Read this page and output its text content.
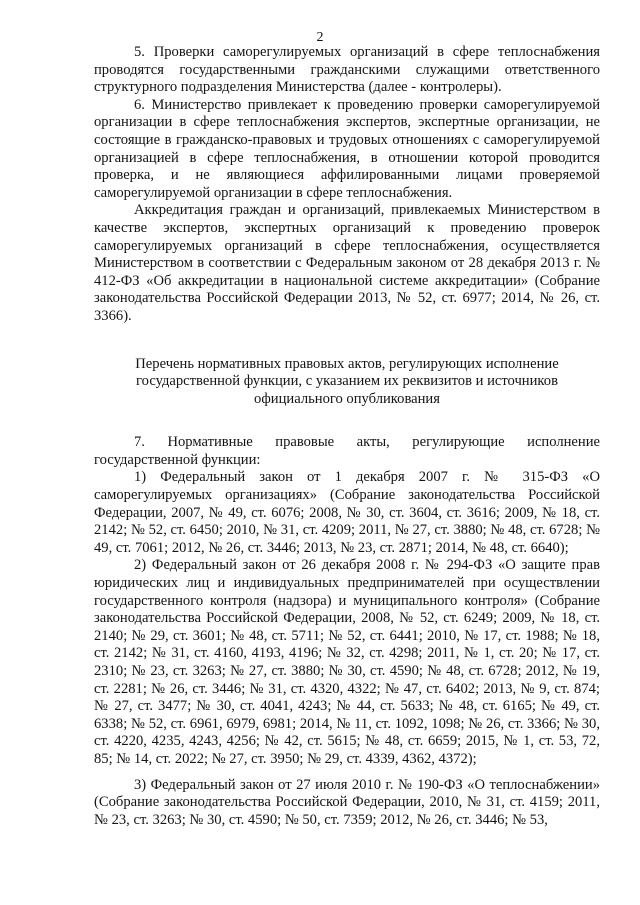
2

5. Проверки саморегулируемых организаций в сфере теплоснабжения проводятся государственными гражданскими служащими ответственного структурного подразделения Министерства (далее - контролеры).

6. Министерство привлекает к проведению проверки саморегулируемой организации в сфере теплоснабжения экспертов, экспертные организации, не состоящие в гражданско-правовых и трудовых отношениях с саморегулируемой организацией в сфере теплоснабжения, в отношении которой проводится проверка, и не являющиеся аффилированными лицами проверяемой саморегулируемой организации в сфере теплоснабжения.

Аккредитация граждан и организаций, привлекаемых Министерством в качестве экспертов, экспертных организаций к проведению проверок саморегулируемых организаций в сфере теплоснабжения, осуществляется Министерством в соответствии с Федеральным законом от 28 декабря 2013 г. № 412-ФЗ «Об аккредитации в национальной системе аккредитации» (Собрание законодательства Российской Федерации 2013, № 52, ст. 6977; 2014, № 26, ст. 3366).

Перечень нормативных правовых актов, регулирующих исполнение государственной функции, с указанием их реквизитов и источников официального опубликования

7. Нормативные правовые акты, регулирующие исполнение государственной функции:

1) Федеральный закон от 1 декабря 2007 г. № 315-ФЗ «О саморегулируемых организациях» (Собрание законодательства Российской Федерации, 2007, № 49, ст. 6076; 2008, № 30, ст. 3604, ст. 3616; 2009, № 18, ст. 2142; № 52, ст. 6450; 2010, № 31, ст. 4209; 2011, № 27, ст. 3880; № 48, ст. 6728; № 49, ст. 7061; 2012, № 26, ст. 3446; 2013, № 23, ст. 2871; 2014, № 48, ст. 6640);

2) Федеральный закон от 26 декабря 2008 г. № 294-ФЗ «О защите прав юридических лиц и индивидуальных предпринимателей при осуществлении государственного контроля (надзора) и муниципального контроля» (Собрание законодательства Российской Федерации, 2008, № 52, ст. 6249; 2009, № 18, ст. 2140; № 29, ст. 3601; № 48, ст. 5711; № 52, ст. 6441; 2010, № 17, ст. 1988; № 18, ст. 2142; № 31, ст. 4160, 4193, 4196; № 32, ст. 4298; 2011, № 1, ст. 20; № 17, ст. 2310; № 23, ст. 3263; № 27, ст. 3880; № 30, ст. 4590; № 48, ст. 6728; 2012, № 19, ст. 2281; № 26, ст. 3446; № 31, ст. 4320, 4322; № 47, ст. 6402; 2013, № 9, ст. 874; № 27, ст. 3477; № 30, ст. 4041, 4243; № 44, ст. 5633; № 48, ст. 6165; № 49, ст. 6338; № 52, ст. 6961, 6979, 6981; 2014, № 11, ст. 1092, 1098; № 26, ст. 3366; № 30, ст. 4220, 4235, 4243, 4256; № 42, ст. 5615; № 48, ст. 6659; 2015, № 1, ст. 53, 72, 85; № 14, ст. 2022; № 27, ст. 3950; № 29, ст. 4339, 4362, 4372);

3) Федеральный закон от 27 июля 2010 г. № 190-ФЗ «О теплоснабжении» (Собрание законодательства Российской Федерации, 2010, № 31, ст. 4159; 2011, № 23, ст. 3263; № 30, ст. 4590; № 50, ст. 7359; 2012, № 26, ст. 3446; № 53,
